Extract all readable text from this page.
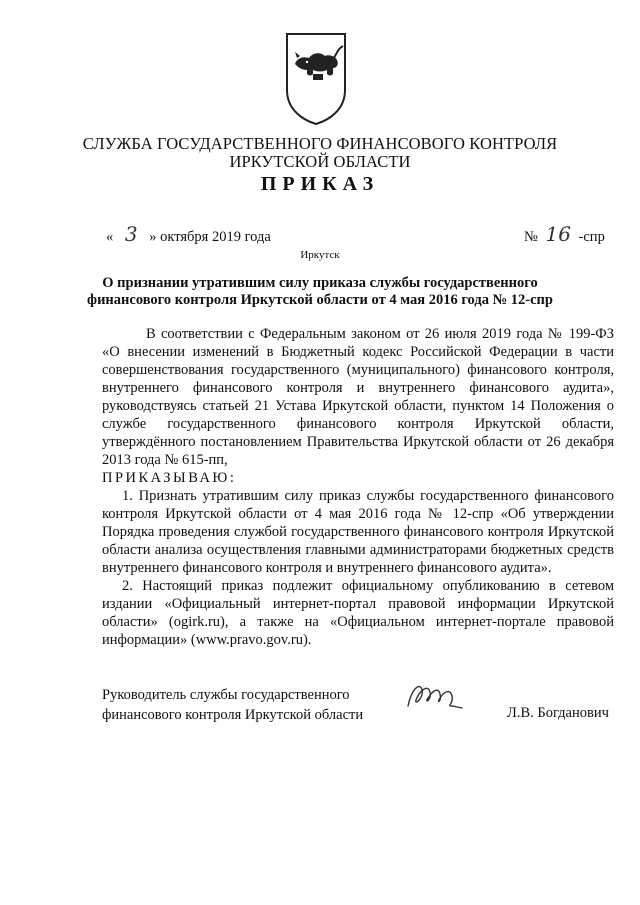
СЛУЖБА ГОСУДАРСТВЕННОГО ФИНАНСОВОГО КОНТРОЛЯ
ИРКУТСКОЙ ОБЛАСТИ
ПРИКАЗ
« 3 » октября 2019 года	№ 16 -спр
Иркутск
О признании утратившим силу приказа службы государственного
финансового контроля Иркутской области от 4 мая 2016 года № 12-спр

В соответствии с Федеральным законом от 26 июля 2019 года № 199-ФЗ «О внесении изменений в Бюджетный кодекс Российской Федерации в части совершенствования государственного (муниципального) финансового контроля, внутреннего финансового контроля и внутреннего финансового аудита», руководствуясь статьей 21 Устава Иркутской области, пунктом 14 Положения о службе государственного финансового контроля Иркутской области, утверждённого постановлением Правительства Иркутской области от 26 декабря 2013 года № 615-пп,

ПРИКАЗЫВАЮ:

1. Признать утратившим силу приказ службы государственного финансового контроля Иркутской области от 4 мая 2016 года № 12-спр «Об утверждении Порядка проведения службой государственного финансового контроля Иркутской области анализа осуществления главными администраторами бюджетных средств внутреннего финансового контроля и внутреннего финансового аудита».

2. Настоящий приказ подлежит официальному опубликованию в сетевом издании «Официальный интернет-портал правовой информации Иркутской области» (ogirk.ru), а также на «Официальном интернет-портале правовой информации» (www.pravo.gov.ru).

Руководитель службы государственного
финансового контроля Иркутской области	Л.В. Богданович
